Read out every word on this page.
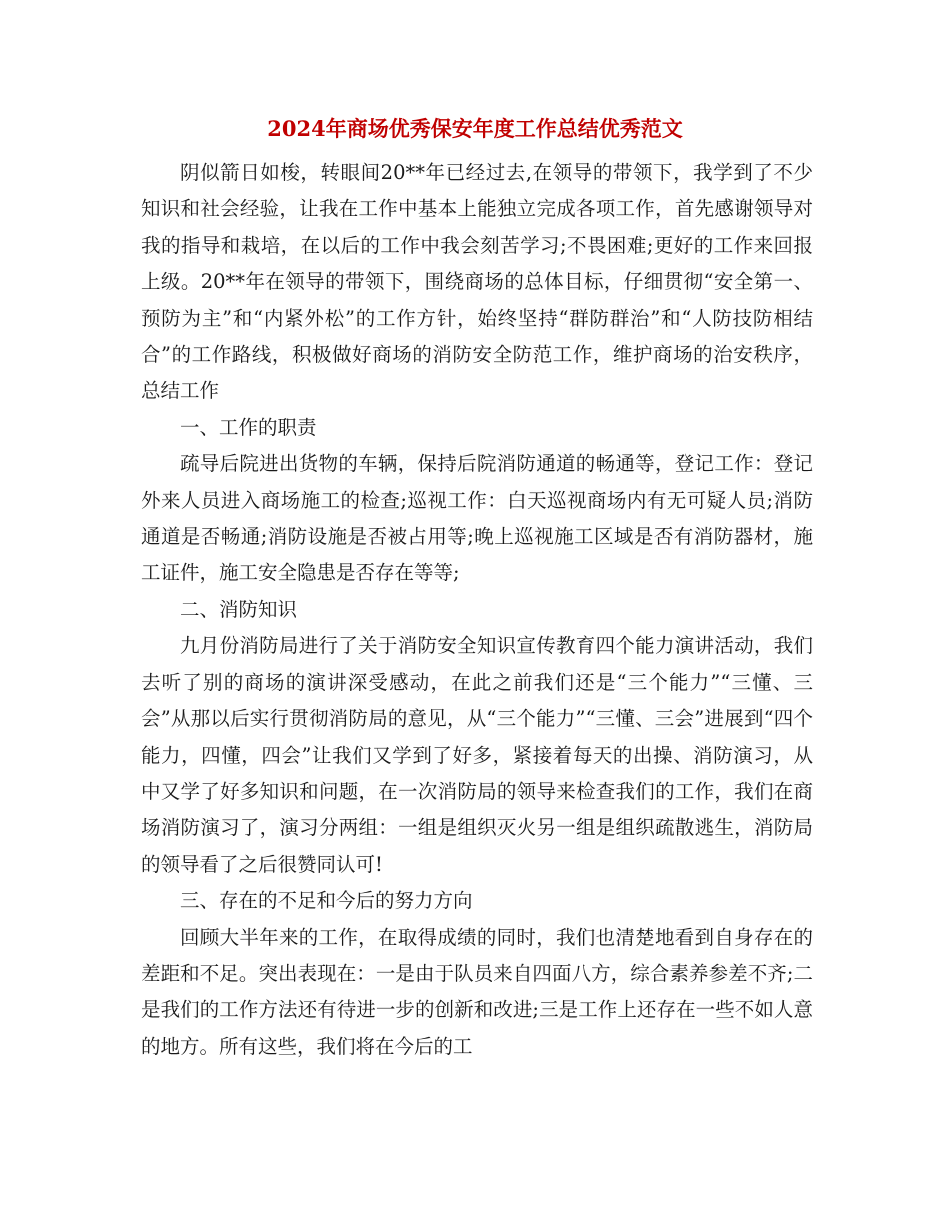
2024年商场优秀保安年度工作总结优秀范文

阴似箭日如梭，转眼间20**年已经过去,在领导的带领下，我学到了不少知识和社会经验，让我在工作中基本上能独立完成各项工作，首先感谢领导对我的指导和栽培，在以后的工作中我会刻苦学习;不畏困难;更好的工作来回报上级。20**年在领导的带领下，围绕商场的总体目标，仔细贯彻“安全第一、预防为主”和“内紧外松”的工作方针，始终坚持“群防群治”和“人防技防相结合”的工作路线，积极做好商场的消防安全防范工作，维护商场的治安秩序，总结工作

一、工作的职责

疏导后院进出货物的车辆，保持后院消防通道的畅通等，登记工作：登记外来人员进入商场施工的检查;巡视工作：白天巡视商场内有无可疑人员;消防通道是否畅通;消防设施是否被占用等;晚上巡视施工区域是否有消防器材，施工证件，施工安全隐患是否存在等等;

二、消防知识

九月份消防局进行了关于消防安全知识宣传教育四个能力演讲活动，我们去听了别的商场的演讲深受感动，在此之前我们还是“三个能力”“三懂、三会”从那以后实行贯彻消防局的意见，从“三个能力”“三懂、三会”进展到“四个能力，四懂，四会”让我们又学到了好多，紧接着每天的出操、消防演习，从中又学了好多知识和问题，在一次消防局的领导来检查我们的工作，我们在商场消防演习了，演习分两组：一组是组织灭火另一组是组织疏散逃生，消防局的领导看了之后很赞同认可!

三、存在的不足和今后的努力方向

回顾大半年来的工作，在取得成绩的同时，我们也清楚地看到自身存在的差距和不足。突出表现在：一是由于队员来自四面八方，综合素养参差不齐;二是我们的工作方法还有待进一步的创新和改进;三是工作上还存在一些不如人意的地方。所有这些，我们将在今后的工
